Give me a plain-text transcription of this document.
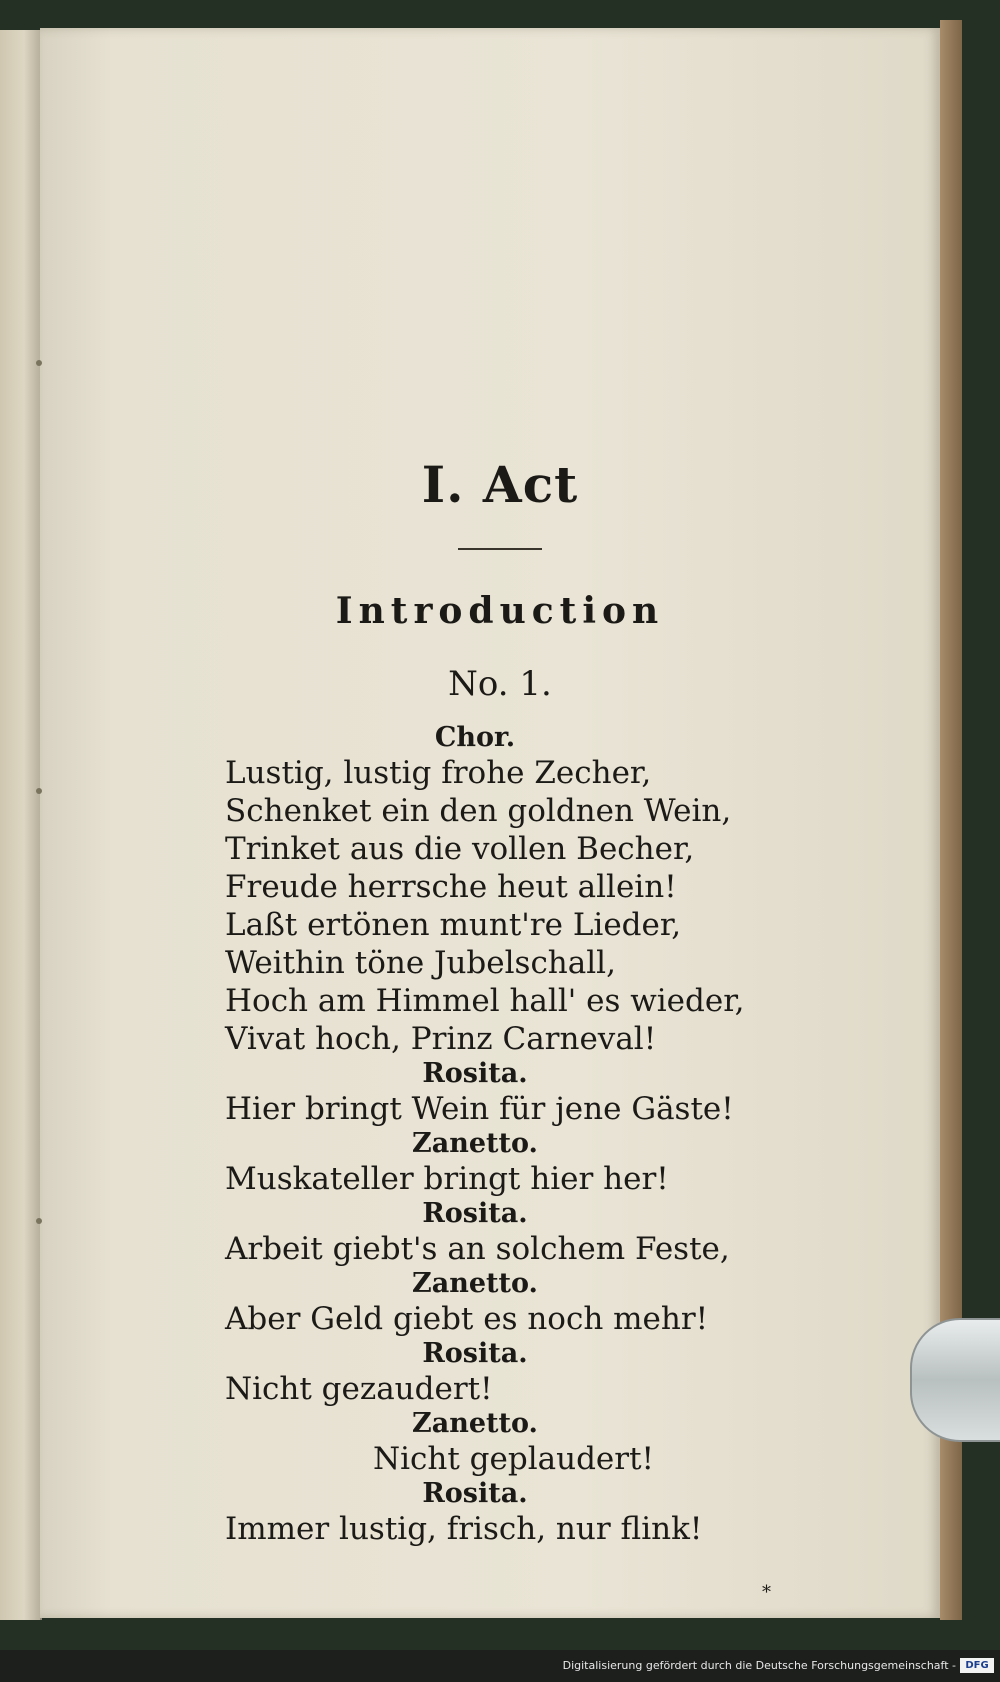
I. Act
Introduction
No. 1.
Chor.
Lustig, lustig frohe Zecher,
Schenket ein den goldnen Wein,
Trinket aus die vollen Becher,
Freude herrsche heut allein!
Laßt ertönen munt're Lieder,
Weithin töne Jubelschall,
Hoch am Himmel hall' es wieder,
Vivat hoch, Prinz Carneval!
Rosita.
Hier bringt Wein für jene Gäste!
Zanetto.
Muskateller bringt hier her!
Rosita.
Arbeit giebt's an solchem Feste,
Zanetto.
Aber Geld giebt es noch mehr!
Rosita.
Nicht gezaudert!
Zanetto.
Nicht geplaudert!
Rosita.
Immer lustig, frisch, nur flink!
*
Digitalisierung gefördert durch die Deutsche Forschungsgemeinschaft - DFG
